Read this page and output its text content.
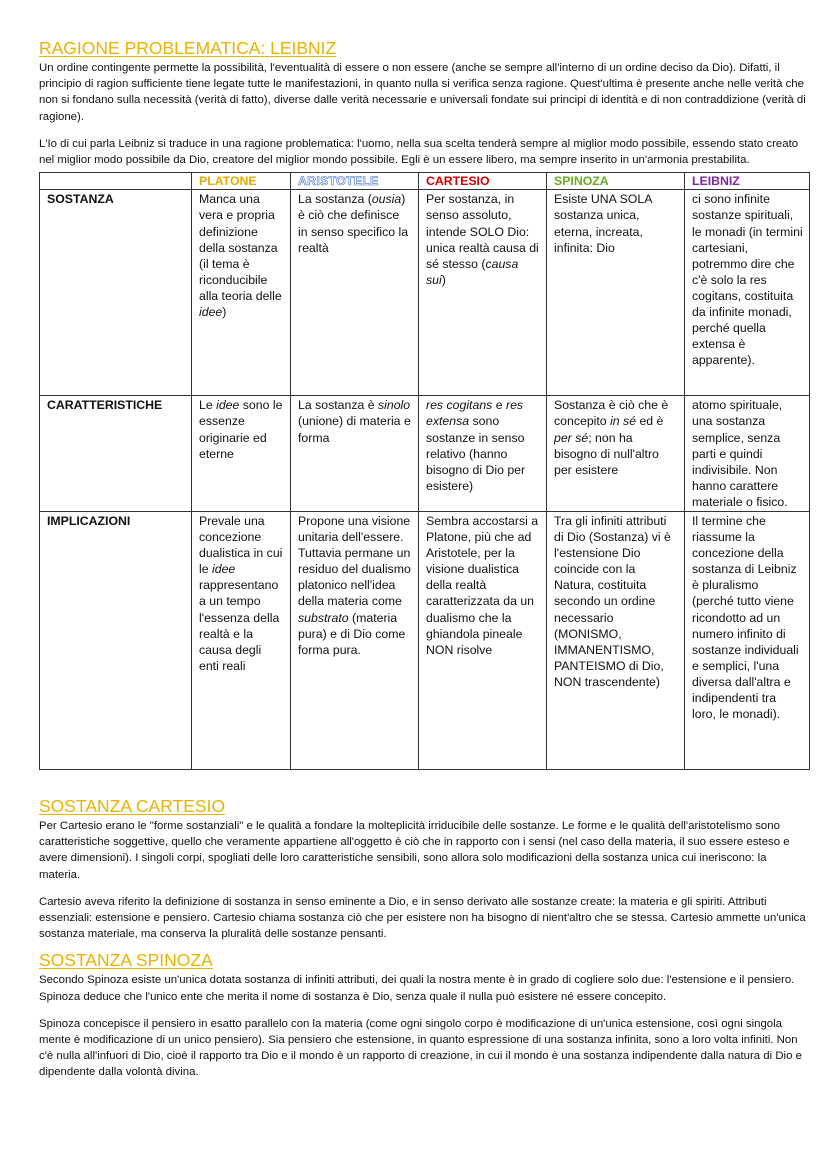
RAGIONE PROBLEMATICA: LEIBNIZ

Un ordine contingente permette la possibilità, l'eventualità di essere o non essere (anche se sempre all'interno di un ordine deciso da Dio). Difatti, il principio di ragion sufficiente tiene legate tutte le manifestazioni, in quanto nulla si verifica senza ragione. Quest'ultima è presente anche nelle verità che non si fondano sulla necessità (verità di fatto), diverse dalle verità necessarie e universali fondate sui principi di identità e di non contraddizione (verità di ragione).

L'Io di cui parla Leibniz si traduce in una ragione problematica: l'uomo, nella sua scelta tenderà sempre al miglior modo possibile, essendo stato creato nel miglior modo possibile da Dio, creatore del miglior mondo possibile. Egli è un essere libero, ma sempre inserito in un'armonia prestabilita.

	PLATONE	ARISTOTELE	CARTESIO	SPINOZA	LEIBNIZ
SOSTANZA	Manca una vera e propria definizione della sostanza (il tema è riconducibile alla teoria delle idee)	La sostanza (ousia) è ciò che definisce in senso specifico la realtà	Per sostanza, in senso assoluto, intende SOLO Dio: unica realtà causa di sé stesso (causa sui)	Esiste UNA SOLA sostanza unica, eterna, increata, infinita: Dio	ci sono infinite sostanze spirituali, le monadi (in termini cartesiani, potremmo dire che c'è solo la res cogitans, costituita da infinite monadi, perché quella extensa è apparente).
CARATTERISTICHE	Le idee sono le essenze originarie ed eterne	La sostanza è sinolo (unione) di materia e forma	res cogitans e res extensa sono sostanze in senso relativo (hanno bisogno di Dio per esistere)	Sostanza è ciò che è concepito in sé ed è per sé; non ha bisogno di null'altro per esistere	atomo spirituale, una sostanza semplice, senza parti e quindi indivisibile. Non hanno carattere materiale o fisico.
IMPLICAZIONI	Prevale una concezione dualistica in cui le idee rappresentano a un tempo l'essenza della realtà e la causa degli enti reali	Propone una visione unitaria dell'essere. Tuttavia permane un residuo del dualismo platonico nell'idea della materia come substrato (materia pura) e di Dio come forma pura.	Sembra accostarsi a Platone, più che ad Aristotele, per la visione dualistica della realtà caratterizzata da un dualismo che la ghiandola pineale NON risolve	Tra gli infiniti attributi di Dio (Sostanza) vi è l'estensione Dio coincide con la Natura, costituita secondo un ordine necessario (MONISMO, IMMANENTISMO, PANTEISMO di Dio, NON trascendente)	Il termine che riassume la concezione della sostanza di Leibniz è pluralismo (perché tutto viene ricondotto ad un numero infinito di sostanze individuali e semplici, l'una diversa dall'altra e indipendenti tra loro, le monadi).
SOSTANZA CARTESIO

Per Cartesio erano le "forme sostanziali" e le qualità a fondare la molteplicità irriducibile delle sostanze. Le forme e le qualità dell'aristotelismo sono caratteristiche soggettive, quello che veramente appartiene all'oggetto è ciò che in rapporto con i sensi (nel caso della materia, il suo essere esteso e avere dimensioni). I singoli corpi, spogliati delle loro caratteristiche sensibili, sono allora solo modificazioni della sostanza unica cui ineriscono: la materia.

Cartesio aveva riferito la definizione di sostanza in senso eminente a Dio, e in senso derivato alle sostanze create: la materia e gli spiriti. Attributi essenziali: estensione e pensiero. Cartesio chiama sostanza ciò che per esistere non ha bisogno di nient'altro che se stessa. Cartesio ammette un'unica sostanza materiale, ma conserva la pluralità delle sostanze pensanti.

SOSTANZA SPINOZA

Secondo Spinoza esiste un'unica dotata sostanza di infiniti attributi, dei quali la nostra mente è in grado di cogliere solo due: l'estensione e il pensiero. Spinoza deduce che l'unico ente che merita il nome di sostanza è Dio, senza quale il nulla può esistere né essere concepito.

Spinoza concepisce il pensiero in esatto parallelo con la materia (come ogni singolo corpo è modificazione di un'unica estensione, così ogni singola mente è modificazione di un unico pensiero). Sia pensiero che estensione, in quanto espressione di una sostanza infinita, sono a loro volta infiniti. Non c'è nulla all'infuori di Dio, cioè il rapporto tra Dio e il mondo è un rapporto di creazione, in cui il mondo è una sostanza indipendente dalla natura di Dio e dipendente dalla volontà divina.
